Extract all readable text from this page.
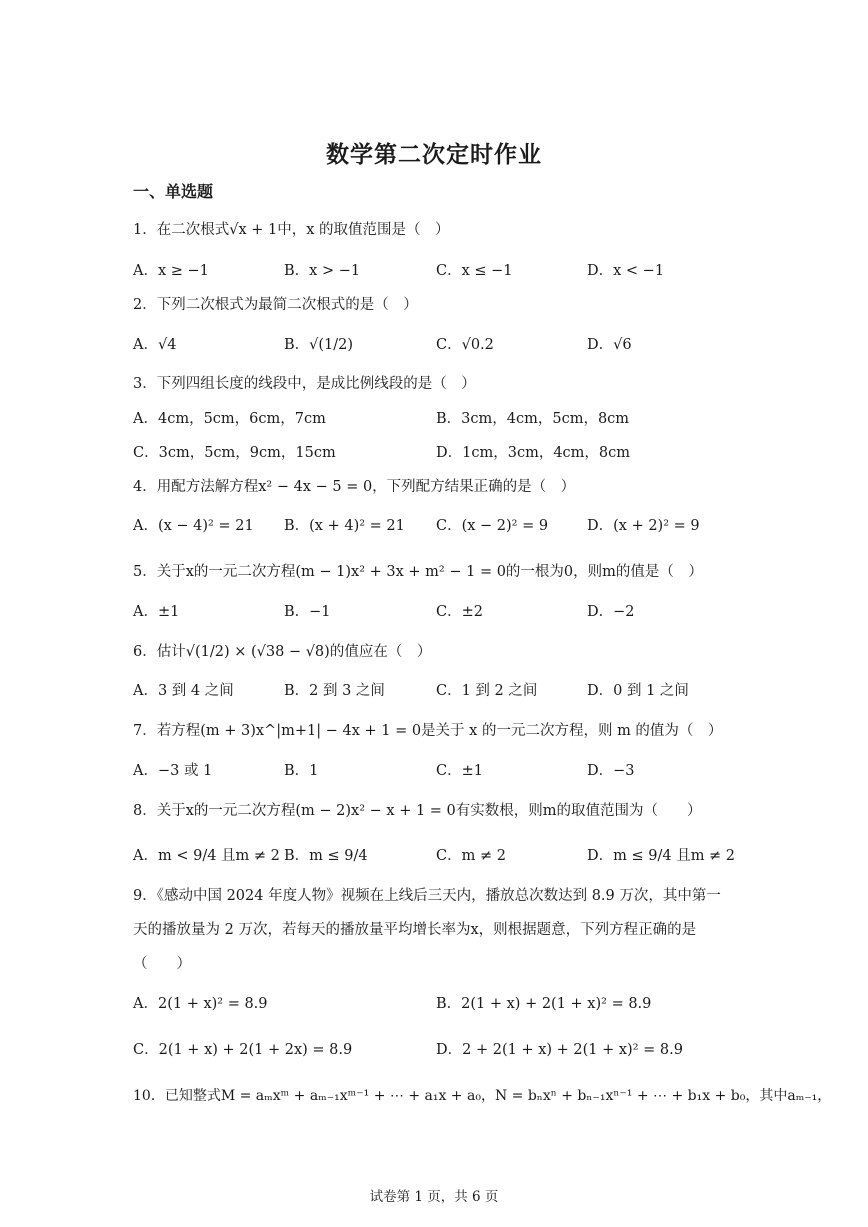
数学第二次定时作业
一、单选题
1．在二次根式√x + 1中，x 的取值范围是（　）
A．x ≥ −1	B．x > −1	C．x ≤ −1	D．x < −1
2．下列二次根式为最简二次根式的是（　）
A．√4	B．√(1/2)	C．√0.2	D．√6
3．下列四组长度的线段中，是成比例线段的是（　）
A．4cm，5cm，6cm，7cm	B．3cm，4cm，5cm，8cm
C．3cm，5cm，9cm，15cm	D．1cm，3cm，4cm，8cm
4．用配方法解方程x² − 4x − 5 = 0，下列配方结果正确的是（　）
A．(x − 4)² = 21 B．(x + 4)² = 21 C．(x − 2)² = 9	D．(x + 2)² = 9
5．关于x的一元二次方程(m − 1)x² + 3x + m² − 1 = 0的一根为0，则m的值是（　）
A．±1	B．−1	C．±2	D．−2
6．估计√(1/2) × (√38 − √8)的值应在（　）
A．3 到 4 之间	B．2 到 3 之间	C．1 到 2 之间	D．0 到 1 之间
7．若方程(m + 3)x^|m+1| − 4x + 1 = 0是关于 x 的一元二次方程，则 m 的值为（　）
A．−3 或 1	B．1	C．±1	D．−3
8．关于x的一元二次方程(m − 2)x² − x + 1 = 0有实数根，则m的取值范围为（　　）
A．m < 9/4 且m ≠ 2 B．m ≤ 9/4	C．m ≠ 2	D．m ≤ 9/4 且m ≠ 2
9．《感动中国 2024 年度人物》视频在上线后三天内，播放总次数达到 8.9 万次，其中第一
天的播放量为 2 万次，若每天的播放量平均增长率为x，则根据题意，下列方程正确的是
（　　）
A．2(1 + x)² = 8.9	B．2(1 + x) + 2(1 + x)² = 8.9
C．2(1 + x) + 2(1 + 2x) = 8.9	D．2 + 2(1 + x) + 2(1 + x)² = 8.9
10．已知整式M = aₘxᵐ + aₘ₋₁xᵐ⁻¹ + ⋯ + a₁x + a₀，N = bₙxⁿ + bₙ₋₁xⁿ⁻¹ + ⋯ + b₁x + b₀，其中aₘ₋₁，
试卷第 1 页，共 6 页
